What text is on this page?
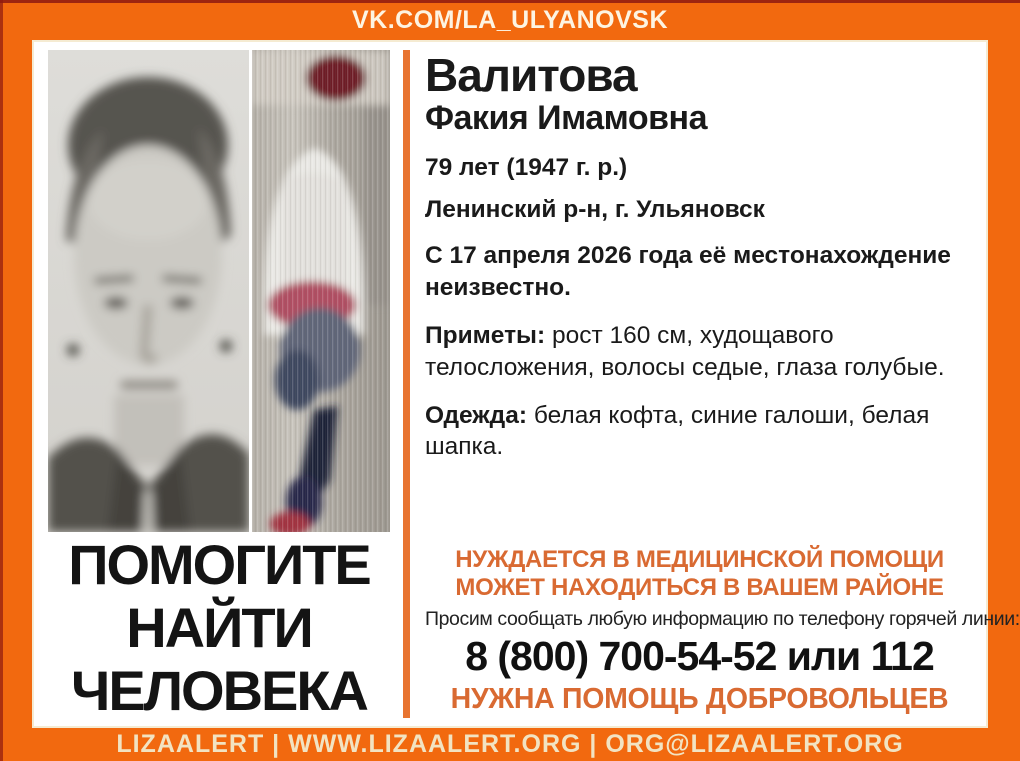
VK.COM/LA_ULYANOVSK
ПОМОГИТЕ
НАЙТИ
ЧЕЛОВЕКА
Валитова
Факия Имамовна
79 лет (1947 г. р.)
Ленинский р-н, г. Ульяновск
С 17 апреля 2026 года её местонахождение неизвестно.
Приметы: рост 160 см, худощавого телосложения, волосы седые, глаза голубые.
Одежда: белая кофта, синие галоши, белая шапка.
НУЖДАЕТСЯ В МЕДИЦИНСКОЙ ПОМОЩИ
МОЖЕТ НАХОДИТЬСЯ В ВАШЕМ РАЙОНЕ
Просим сообщать любую информацию по телефону горячей линии:
8 (800) 700-54-52 или 112
НУЖНА ПОМОЩЬ ДОБРОВОЛЬЦЕВ
LIZAALERT | WWW.LIZAALERT.ORG | ORG@LIZAALERT.ORG
